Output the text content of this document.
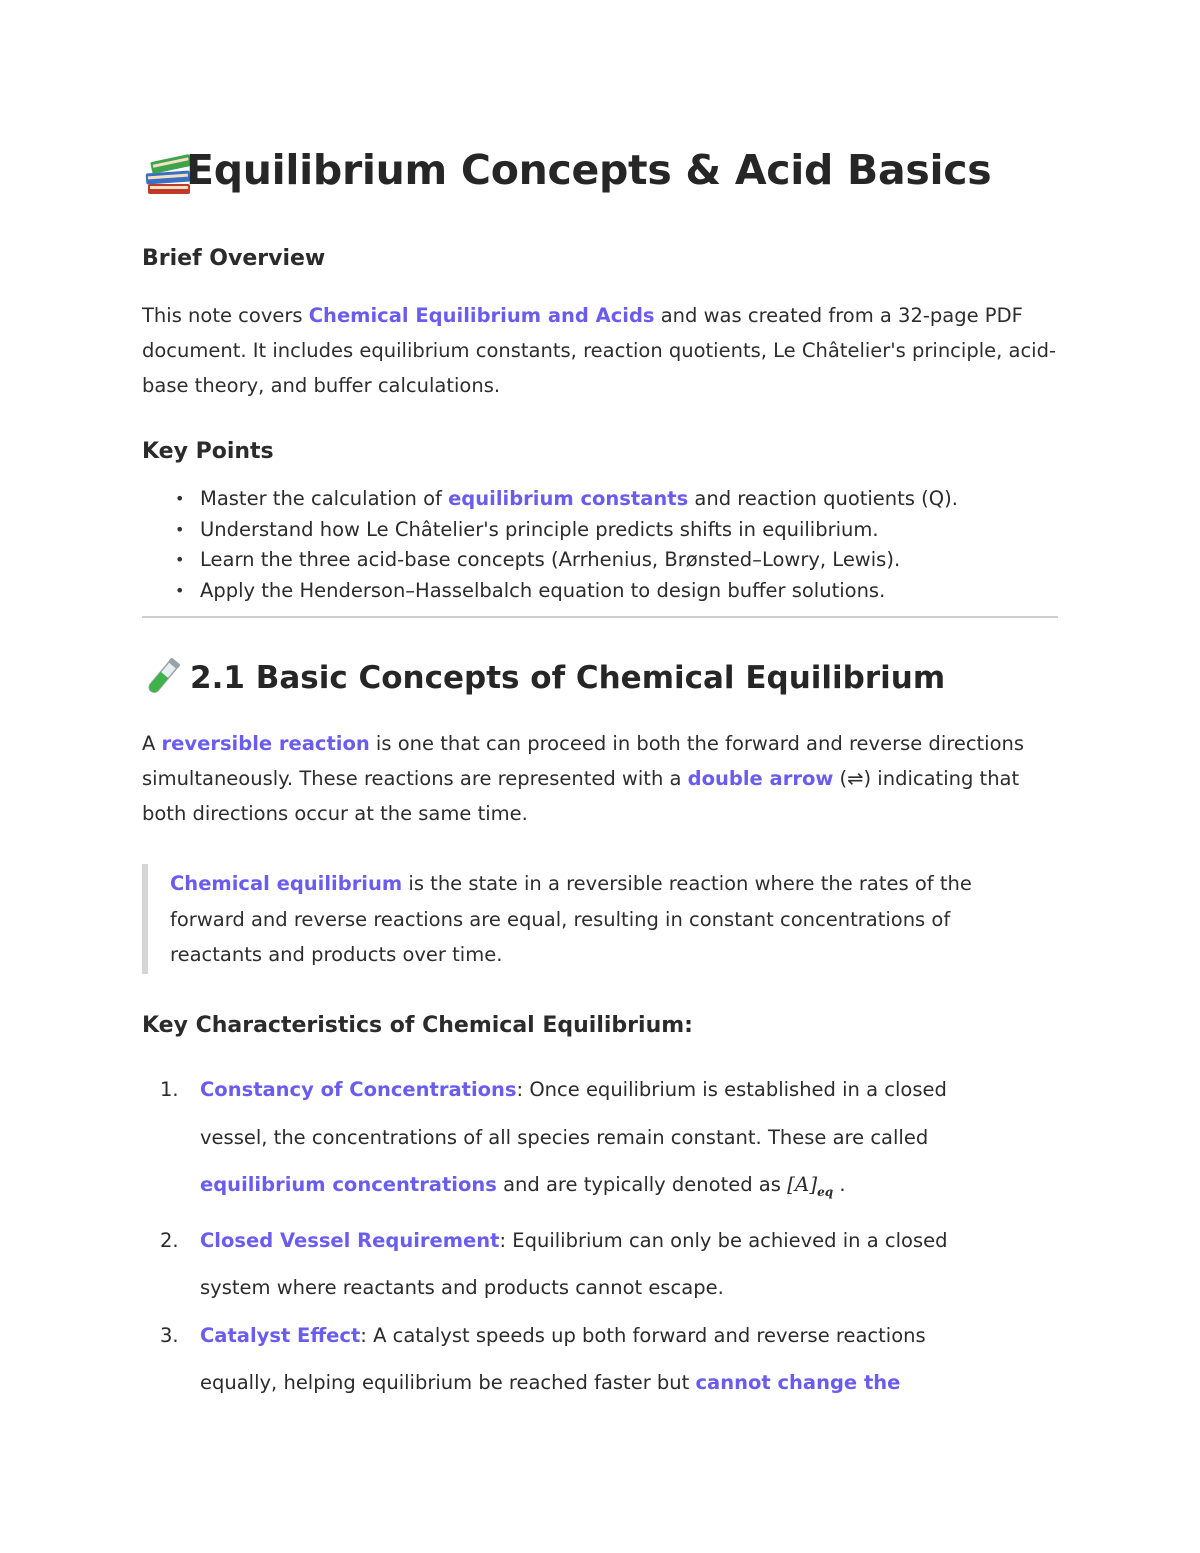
Equilibrium Concepts & Acid Basics
Brief Overview

This note covers Chemical Equilibrium and Acids and was created from a 32-page PDF document. It includes equilibrium constants, reaction quotients, Le Châtelier's principle, acid-base theory, and buffer calculations.

Key Points
• Master the calculation of equilibrium constants and reaction quotients (Q).
• Understand how Le Châtelier's principle predicts shifts in equilibrium.
• Learn the three acid-base concepts (Arrhenius, Brønsted–Lowry, Lewis).
• Apply the Henderson–Hasselbalch equation to design buffer solutions.
2.1 Basic Concepts of Chemical Equilibrium

A reversible reaction is one that can proceed in both the forward and reverse directions simultaneously. These reactions are represented with a double arrow (⇌) indicating that both directions occur at the same time.

Chemical equilibrium is the state in a reversible reaction where the rates of the forward and reverse reactions are equal, resulting in constant concentrations of reactants and products over time.

Key Characteristics of Chemical Equilibrium:
1. Constancy of Concentrations: Once equilibrium is established in a closed vessel, the concentrations of all species remain constant. These are called equilibrium concentrations and are typically denoted as $[A]_{eq}$ .
2. Closed Vessel Requirement: Equilibrium can only be achieved in a closed system where reactants and products cannot escape.
3. Catalyst Effect: A catalyst speeds up both forward and reverse reactions equally, helping equilibrium be reached faster but cannot change the
